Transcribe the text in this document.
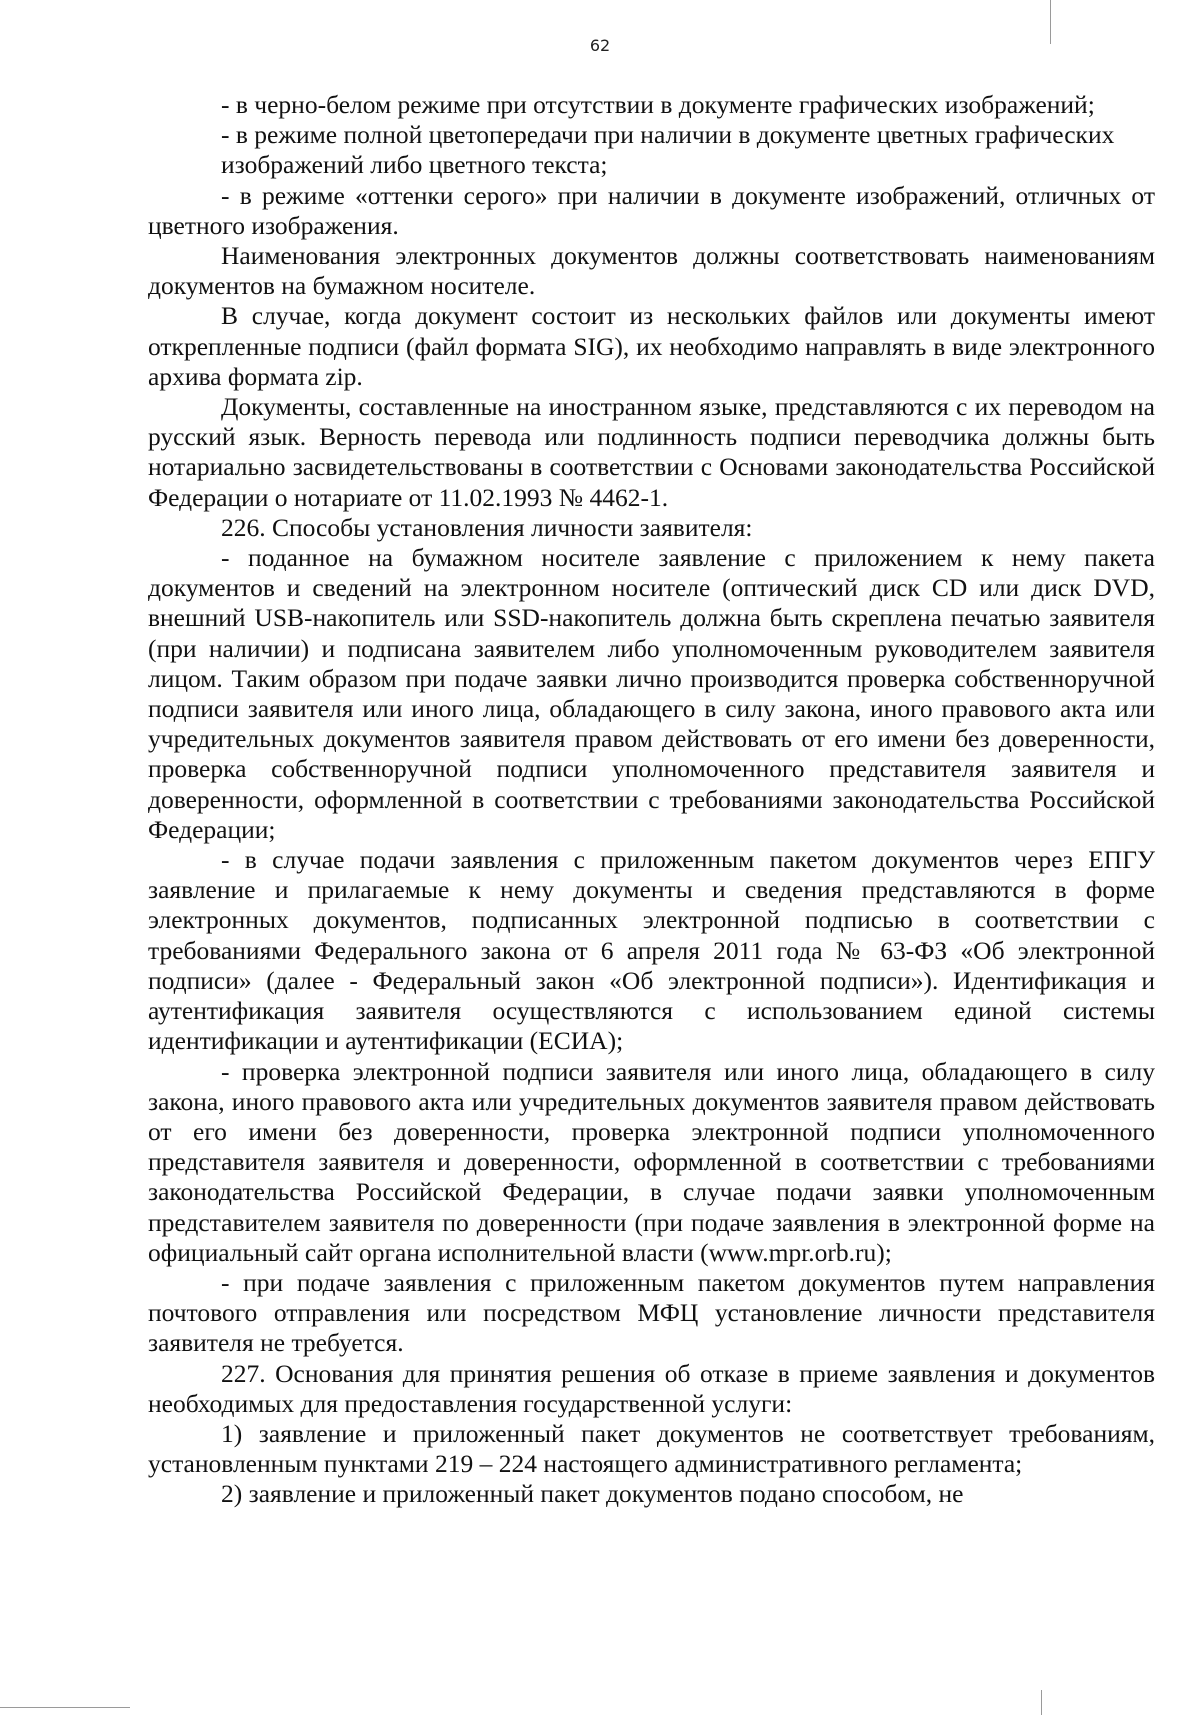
62

- в черно-белом режиме при отсутствии в документе графических изображений;

- в режиме полной цветопередачи при наличии в документе цветных графических изображений либо цветного текста;

- в режиме «оттенки серого» при наличии в документе изображений, отличных от цветного изображения.

Наименования электронных документов должны соответствовать наименованиям документов на бумажном носителе.

В случае, когда документ состоит из нескольких файлов или документы имеют открепленные подписи (файл формата SIG), их необходимо направлять в виде электронного архива формата zip.

Документы, составленные на иностранном языке, представляются с их переводом на русский язык. Верность перевода или подлинность подписи переводчика должны быть нотариально засвидетельствованы в соответствии с Основами законодательства Российской Федерации о нотариате от 11.02.1993 № 4462-1.

226. Способы установления личности заявителя:

- поданное на бумажном носителе заявление с приложением к нему пакета документов и сведений на электронном носителе (оптический диск CD или диск DVD, внешний USB-накопитель или SSD-накопитель должна быть скреплена печатью заявителя (при наличии) и подписана заявителем либо уполномоченным руководителем заявителя лицом. Таким образом при подаче заявки лично производится проверка собственноручной подписи заявителя или иного лица, обладающего в силу закона, иного правового акта или учредительных документов заявителя правом действовать от его имени без доверенности, проверка собственноручной подписи уполномоченного представителя заявителя и доверенности, оформленной в соответствии с требованиями законодательства Российской Федерации;

- в случае подачи заявления с приложенным пакетом документов через ЕПГУ заявление и прилагаемые к нему документы и сведения представляются в форме электронных документов, подписанных электронной подписью в соответствии с требованиями Федерального закона от 6 апреля 2011 года № 63-ФЗ «Об электронной подписи» (далее - Федеральный закон «Об электронной подписи»). Идентификация и аутентификация заявителя осуществляются с использованием единой системы идентификации и аутентификации (ЕСИА);

- проверка электронной подписи заявителя или иного лица, обладающего в силу закона, иного правового акта или учредительных документов заявителя правом действовать от его имени без доверенности, проверка электронной подписи уполномоченного представителя заявителя и доверенности, оформленной в соответствии с требованиями законодательства Российской Федерации, в случае подачи заявки уполномоченным представителем заявителя по доверенности (при подаче заявления в электронной форме на официальный сайт органа исполнительной власти (www.mpr.orb.ru);

- при подаче заявления с приложенным пакетом документов путем направления почтового отправления или посредством МФЦ установление личности представителя заявителя не требуется.

227. Основания для принятия решения об отказе в приеме заявления и документов необходимых для предоставления государственной услуги:

1) заявление и приложенный пакет документов не соответствует требованиям, установленным пунктами 219 – 224 настоящего административного регламента;

2) заявление и приложенный пакет документов подано способом, не
